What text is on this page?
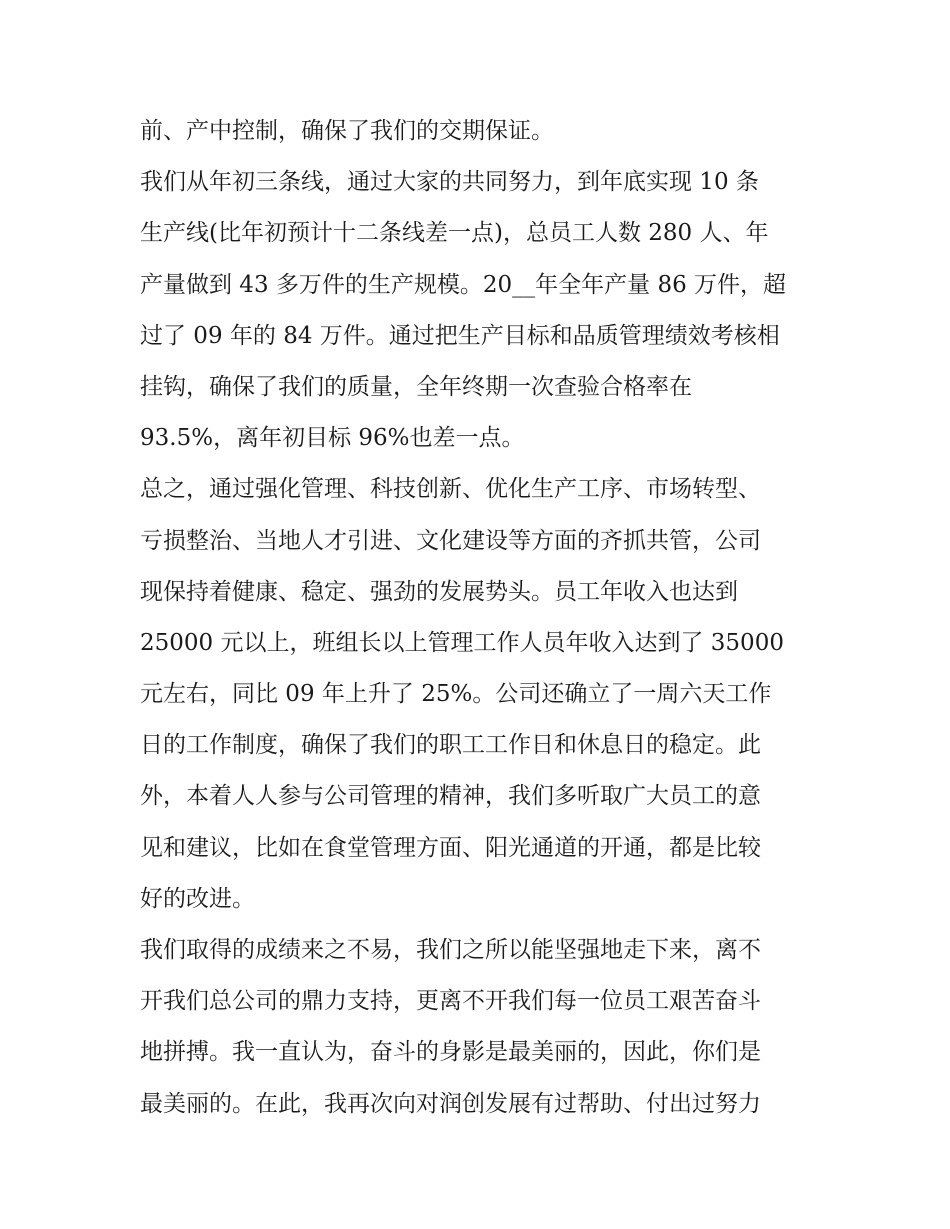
前、产中控制，确保了我们的交期保证。
我们从年初三条线，通过大家的共同努力，到年底实现 10 条
生产线(比年初预计十二条线差一点)，总员工人数 280 人、年
产量做到 43 多万件的生产规模。20__年全年产量 86 万件，超
过了 09 年的 84 万件。通过把生产目标和品质管理绩效考核相
挂钩，确保了我们的质量，全年终期一次查验合格率在
93.5%，离年初目标 96%也差一点。
总之，通过强化管理、科技创新、优化生产工序、市场转型、
亏损整治、当地人才引进、文化建设等方面的齐抓共管，公司
现保持着健康、稳定、强劲的发展势头。员工年收入也达到
25000 元以上，班组长以上管理工作人员年收入达到了 35000
元左右，同比 09 年上升了 25%。公司还确立了一周六天工作
日的工作制度，确保了我们的职工工作日和休息日的稳定。此
外，本着人人参与公司管理的精神，我们多听取广大员工的意
见和建议，比如在食堂管理方面、阳光通道的开通，都是比较
好的改进。
我们取得的成绩来之不易，我们之所以能坚强地走下来，离不
开我们总公司的鼎力支持，更离不开我们每一位员工艰苦奋斗
地拼搏。我一直认为，奋斗的身影是最美丽的，因此，你们是
最美丽的。在此，我再次向对润创发展有过帮助、付出过努力
